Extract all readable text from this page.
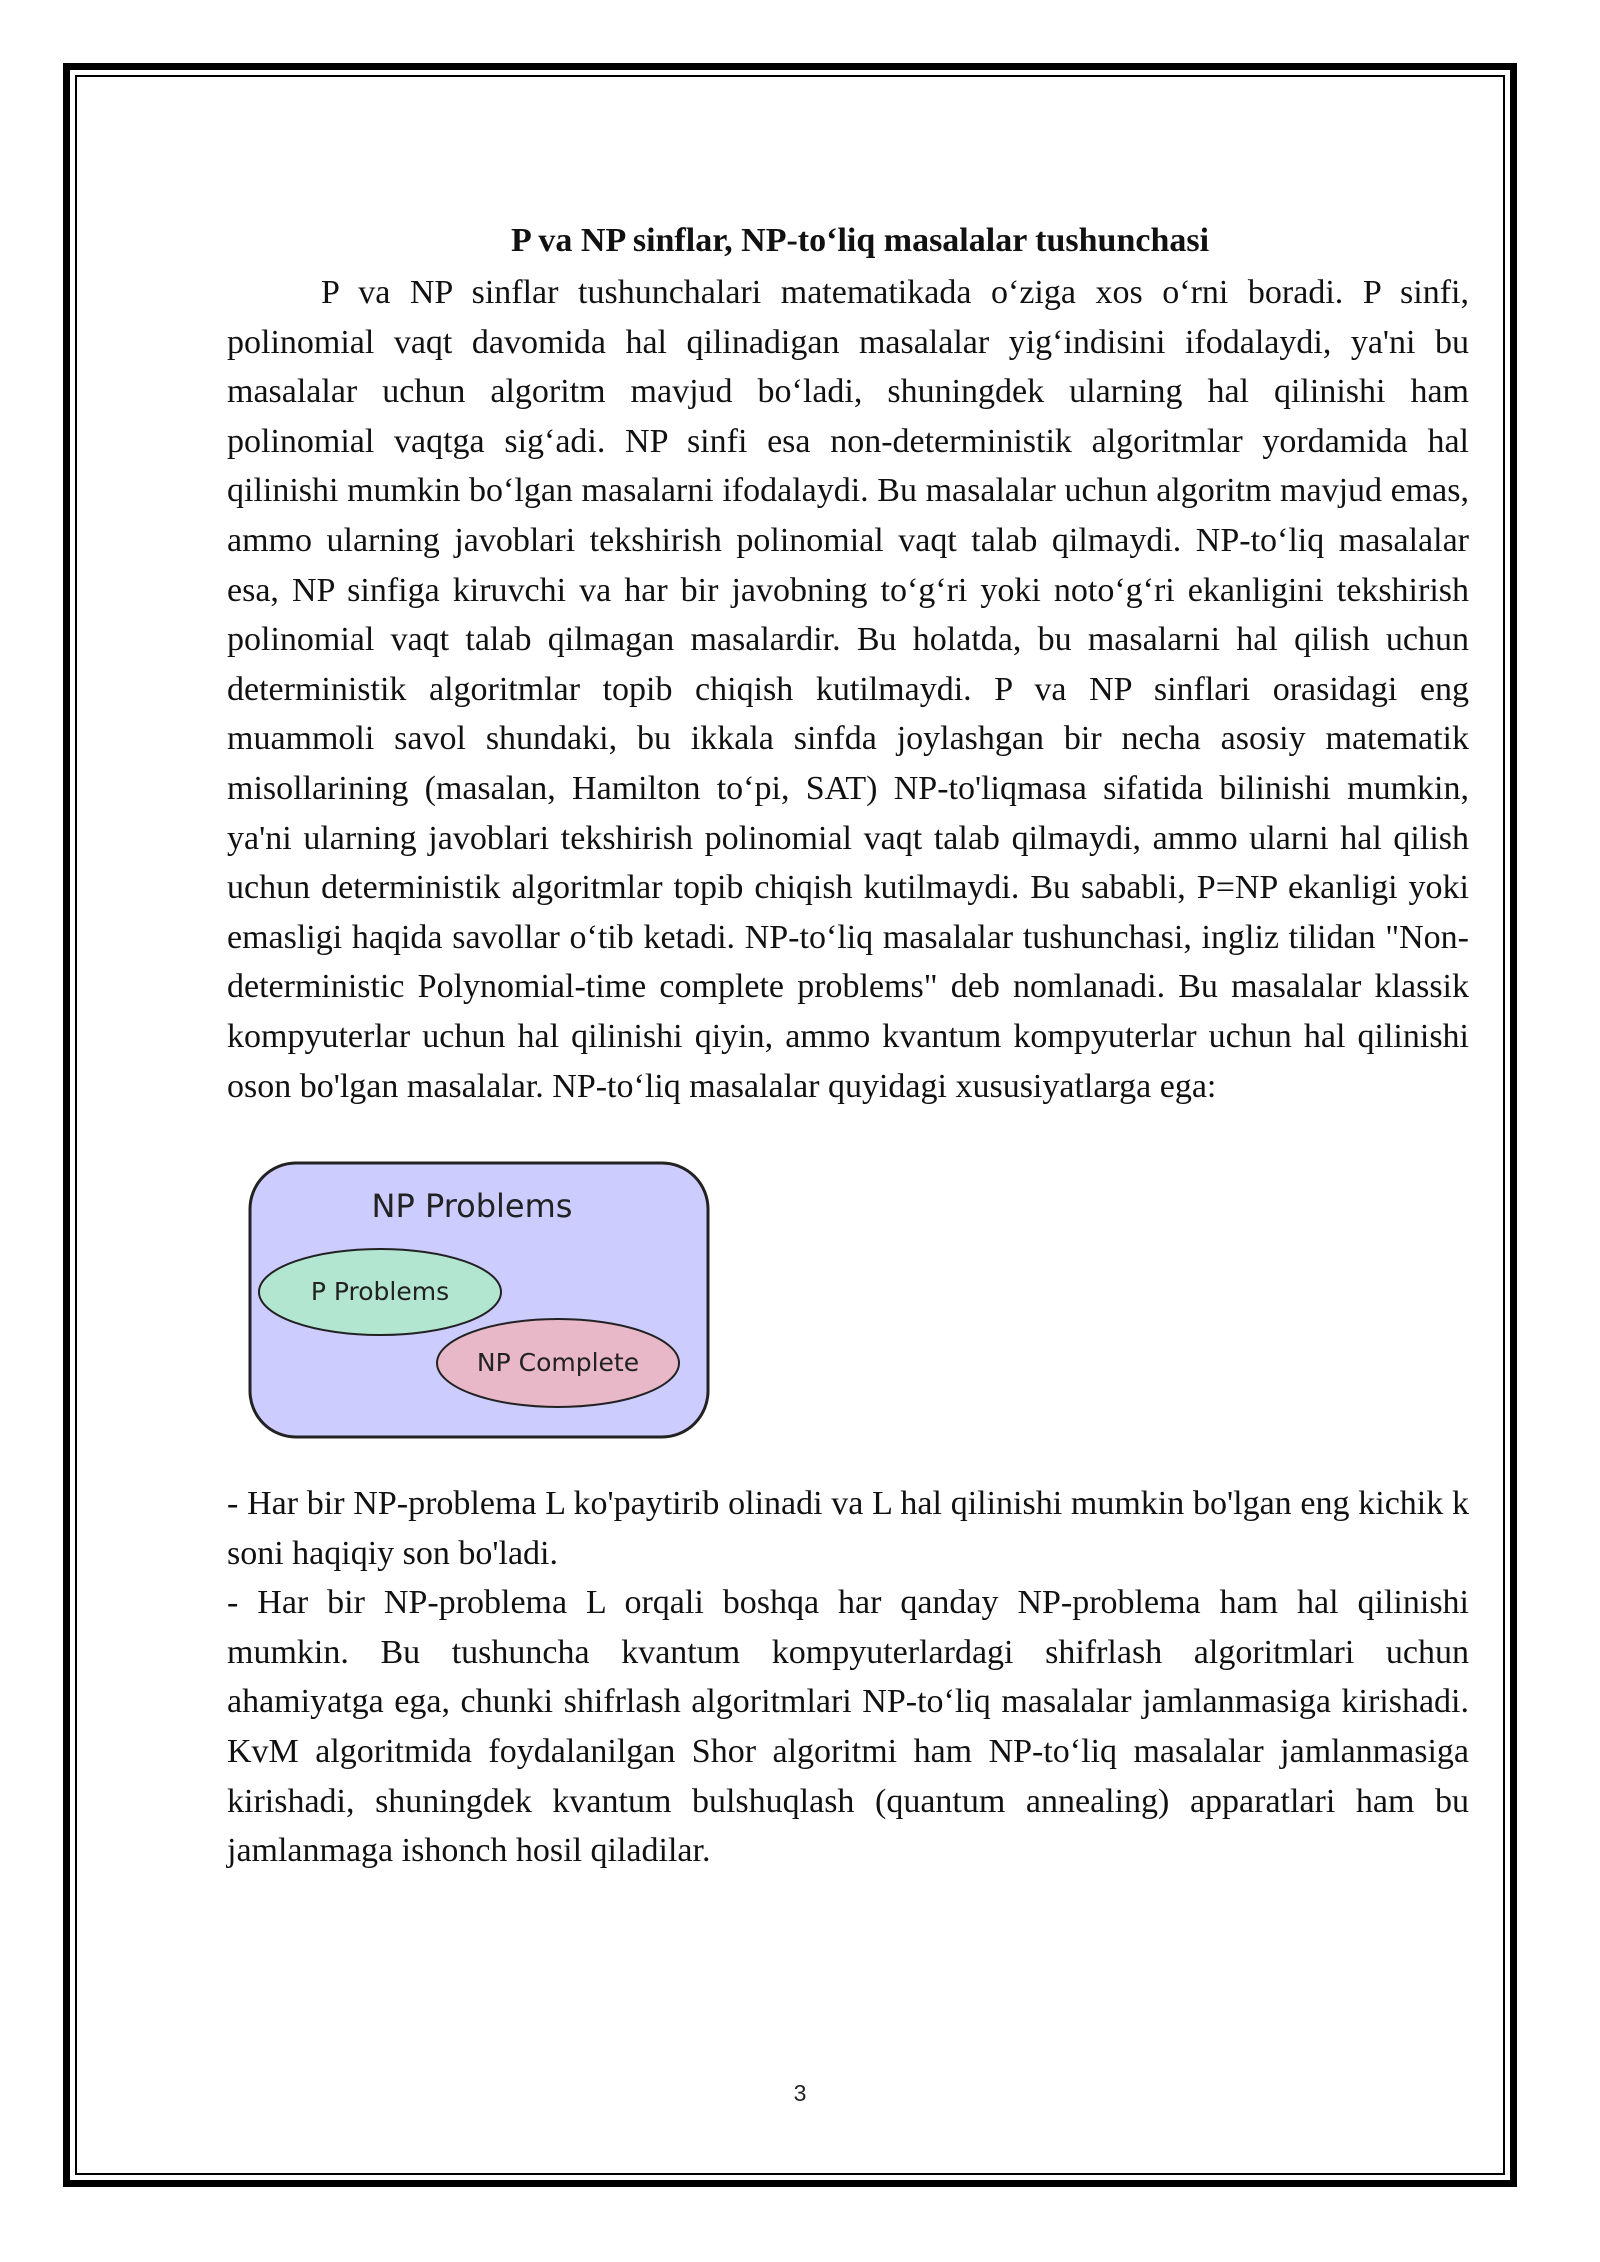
P va NP sinflar, NP-to‘liq masalalar tushunchasi

P va NP sinflar tushunchalari matematikada o‘ziga xos o‘rni boradi. P sinfi, polinomial vaqt davomida hal qilinadigan masalalar yig‘indisini ifodalaydi, ya'ni bu masalalar uchun algoritm mavjud bo‘ladi, shuningdek ularning hal qilinishi ham polinomial vaqtga sig‘adi. NP sinfi esa non-deterministik algoritmlar yordamida hal qilinishi mumkin bo‘lgan masalarni ifodalaydi. Bu masalalar uchun algoritm mavjud emas, ammo ularning javoblari tekshirish polinomial vaqt talab qilmaydi. NP-to‘liq masalalar esa, NP sinfiga kiruvchi va har bir javobning to‘g‘ri yoki noto‘g‘ri ekanligini tekshirish polinomial vaqt talab qilmagan masalardir. Bu holatda, bu masalarni hal qilish uchun deterministik algoritmlar topib chiqish kutilmaydi. P va NP sinflari orasidagi eng muammoli savol shundaki, bu ikkala sinfda joylashgan bir necha asosiy matematik misollarining (masalan, Hamilton to‘pi, SAT) NP-to'liqmasa sifatida bilinishi mumkin, ya'ni ularning javoblari tekshirish polinomial vaqt talab qilmaydi, ammo ularni hal qilish uchun deterministik algoritmlar topib chiqish kutilmaydi. Bu sababli, P=NP ekanligi yoki emasligi haqida savollar o‘tib ketadi. NP-to‘liq masalalar tushunchasi, ingliz tilidan "Non-deterministic Polynomial-time complete problems" deb nomlanadi. Bu masalalar klassik kompyuterlar uchun hal qilinishi qiyin, ammo kvantum kompyuterlar uchun hal qilinishi oson bo'lgan masalalar. NP-to‘liq masalalar quyidagi xususiyatlarga ega:

NP Problems
P Problems
NP Complete

- Har bir NP-problema L ko'paytirib olinadi va L hal qilinishi mumkin bo'lgan eng kichik k soni haqiqiy son bo'ladi.

- Har bir NP-problema L orqali boshqa har qanday NP-problema ham hal qilinishi mumkin. Bu tushuncha kvantum kompyuterlardagi shifrlash algoritmlari uchun ahamiyatga ega, chunki shifrlash algoritmlari NP-to‘liq masalalar jamlanmasiga kirishadi. KvM algoritmida foydalanilgan Shor algoritmi ham NP-to‘liq masalalar jamlanmasiga kirishadi, shuningdek kvantum bulshuqlash (quantum annealing) apparatlari ham bu jamlanmaga ishonch hosil qiladilar.

3
